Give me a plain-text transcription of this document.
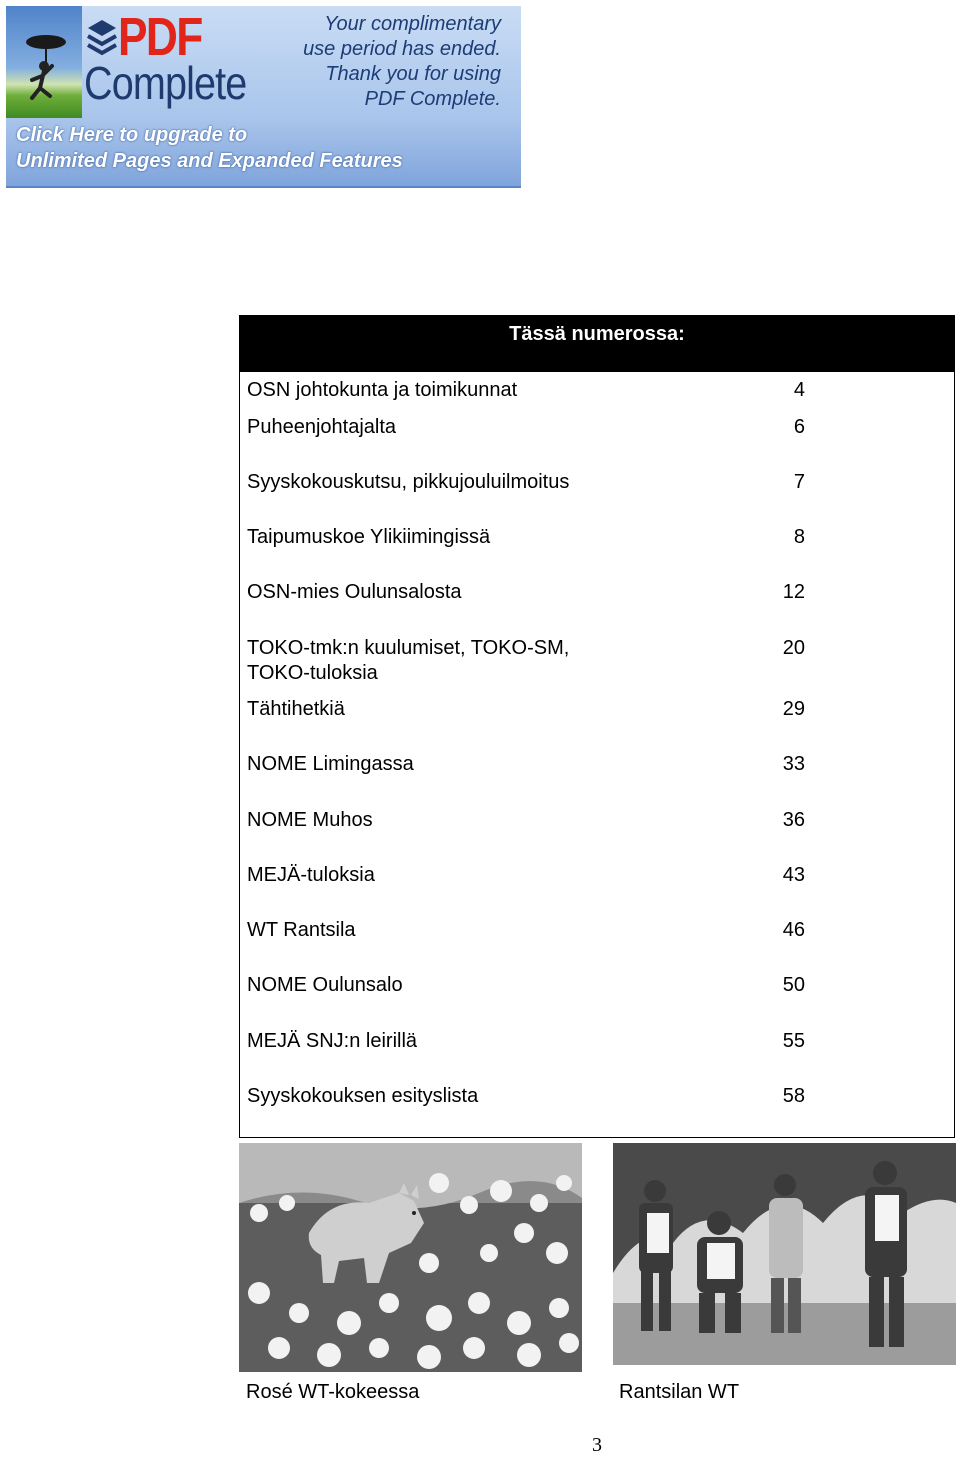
PDF
Complete
Your complimentary
use period has ended.
Thank you for using
PDF Complete.
Click Here to upgrade to
Unlimited Pages and Expanded Features
Tässä numerossa:
OSN johtokunta ja toimikunnat	4
Puheenjohtajalta	6
Syyskokouskutsu, pikkujouluilmoitus	7
Taipumuskoe Ylikiimingissä	8
OSN-mies Oulunsalosta	12
TOKO-tmk:n kuulumiset, TOKO-SM,	20
TOKO-tuloksia
Tähtihetkiä	29
NOME Limingassa	33
NOME Muhos	36
MEJÄ-tuloksia	43
WT Rantsila	46
NOME Oulunsalo	50
MEJÄ SNJ:n leirillä	55
Syyskokouksen esityslista	58
Rosé WT-kokeessa	Rantsilan WT
3
